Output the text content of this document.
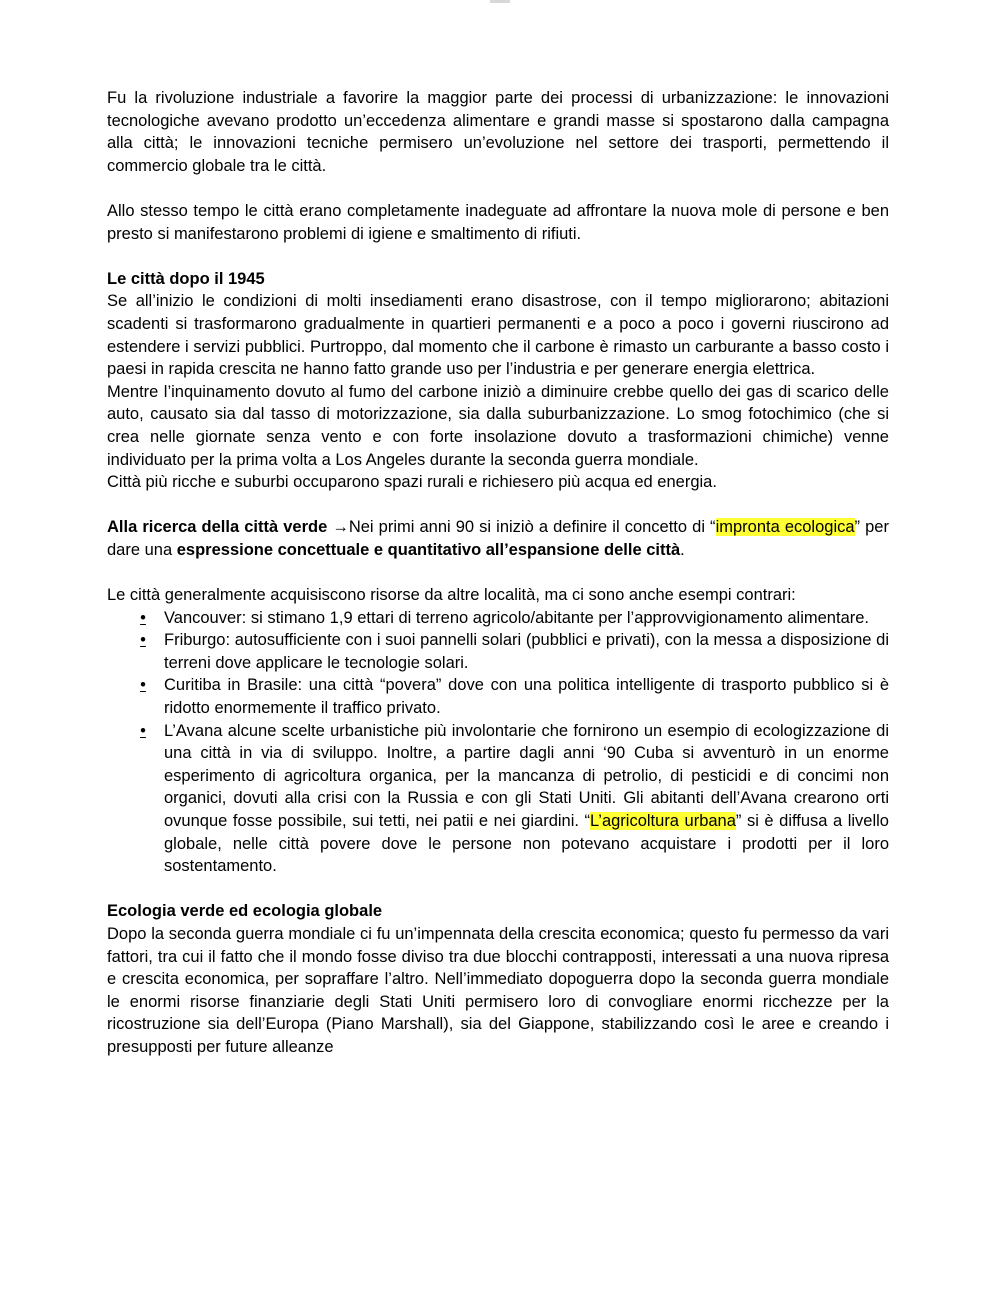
Fu la rivoluzione industriale a favorire la maggior parte dei processi di urbanizzazione: le innovazioni tecnologiche avevano prodotto un’eccedenza alimentare e grandi masse si spostarono dalla campagna alla città; le innovazioni tecniche permisero un’evoluzione nel settore dei trasporti, permettendo il commercio globale tra le città.

Allo stesso tempo le città erano completamente inadeguate ad affrontare la nuova mole di persone e ben presto si manifestarono problemi di igiene e smaltimento di rifiuti.

Le città dopo il 1945

Se all’inizio le condizioni di molti insediamenti erano disastrose, con il tempo migliorarono; abitazioni scadenti si trasformarono gradualmente in quartieri permanenti e a poco a poco i governi riuscirono ad estendere i servizi pubblici. Purtroppo, dal momento che il carbone è rimasto un carburante a basso costo i paesi in rapida crescita ne hanno fatto grande uso per l’industria e per generare energia elettrica.

Mentre l’inquinamento dovuto al fumo del carbone iniziò a diminuire crebbe quello dei gas di scarico delle auto, causato sia dal tasso di motorizzazione, sia dalla suburbanizzazione. Lo smog fotochimico (che si crea nelle giornate senza vento e con forte insolazione dovuto a trasformazioni chimiche) venne individuato per la prima volta a Los Angeles durante la seconda guerra mondiale.

Città più ricche e suburbi occuparono spazi rurali e richiesero più acqua ed energia.

Alla ricerca della città verde →Nei primi anni 90 si iniziò a definire il concetto di “impronta ecologica” per dare una espressione concettuale e quantitativo all’espansione delle città.

Le città generalmente acquisiscono risorse da altre località, ma ci sono anche esempi contrari:

• Vancouver: si stimano 1,9 ettari di terreno agricolo/abitante per l’approvvigionamento alimentare.
• Friburgo: autosufficiente con i suoi pannelli solari (pubblici e privati), con la messa a disposizione di terreni dove applicare le tecnologie solari.
• Curitiba in Brasile: una città “povera” dove con una politica intelligente di trasporto pubblico si è ridotto enormemente il traffico privato.
• L’Avana alcune scelte urbanistiche più involontarie che fornirono un esempio di ecologizzazione di una città in via di sviluppo. Inoltre, a partire dagli anni ‘90 Cuba si avventurò in un enorme esperimento di agricoltura organica, per la mancanza di petrolio, di pesticidi e di concimi non organici, dovuti alla crisi con la Russia e con gli Stati Uniti. Gli abitanti dell’Avana crearono orti ovunque fosse possibile, sui tetti, nei patii e nei giardini. “L’agricoltura urbana” si è diffusa a livello globale, nelle città povere dove le persone non potevano acquistare i prodotti per il loro sostentamento.

Ecologia verde ed ecologia globale

Dopo la seconda guerra mondiale ci fu un’impennata della crescita economica; questo fu permesso da vari fattori, tra cui il fatto che il mondo fosse diviso tra due blocchi contrapposti, interessati a una nuova ripresa e crescita economica, per sopraffare l’altro. Nell’immediato dopoguerra dopo la seconda guerra mondiale le enormi risorse finanziarie degli Stati Uniti permisero loro di convogliare enormi ricchezze per la ricostruzione sia dell’Europa (Piano Marshall), sia del Giappone, stabilizzando così le aree e creando i presupposti per future alleanze
